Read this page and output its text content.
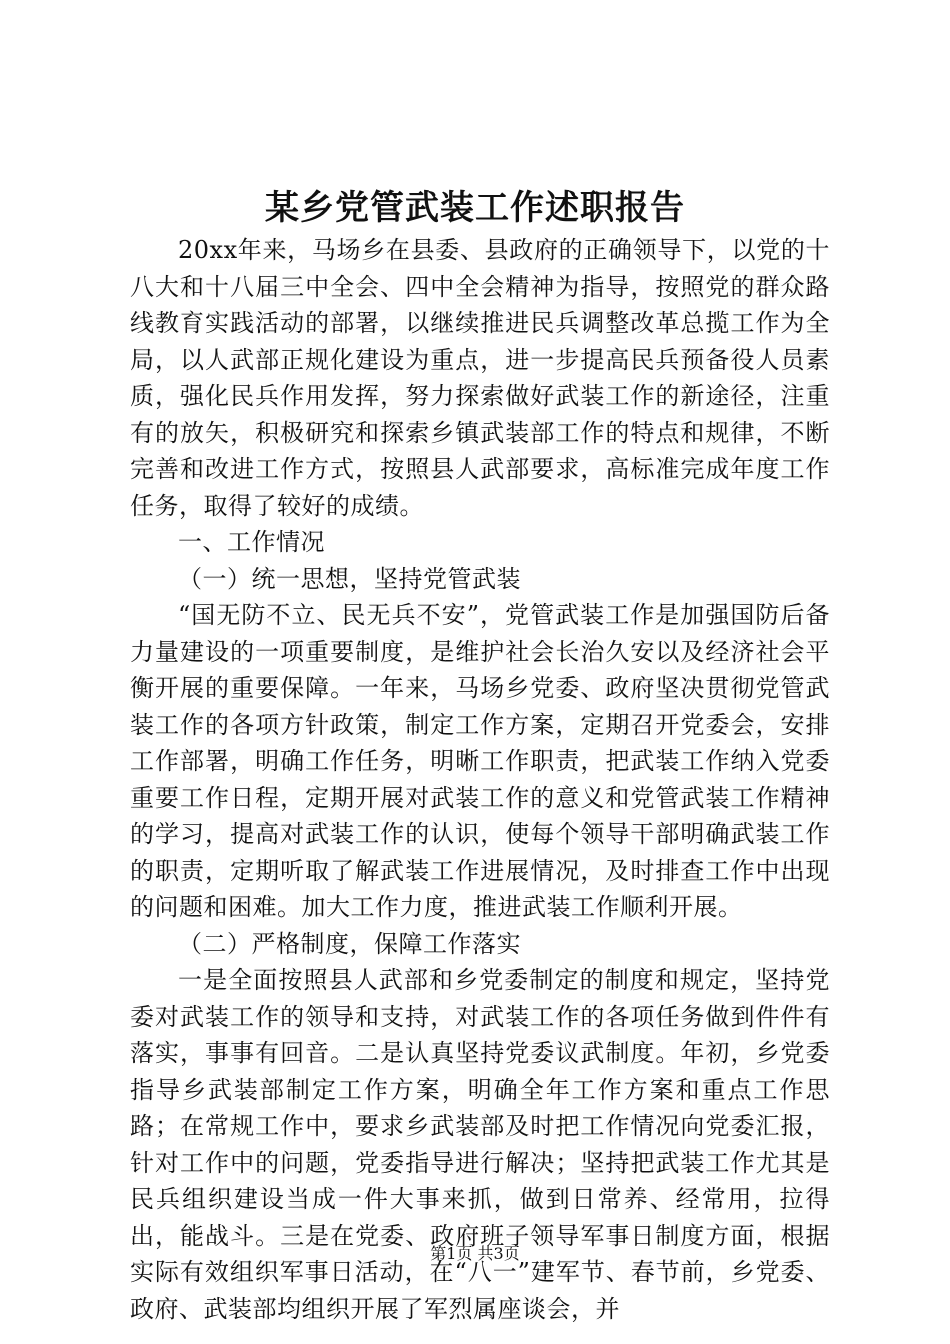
某乡党管武装工作述职报告

20xx年来，马场乡在县委、县政府的正确领导下，以党的十八大和十八届三中全会、四中全会精神为指导，按照党的群众路线教育实践活动的部署，以继续推进民兵调整改革总揽工作为全局，以人武部正规化建设为重点，进一步提高民兵预备役人员素质，强化民兵作用发挥，努力探索做好武装工作的新途径，注重有的放矢，积极研究和探索乡镇武装部工作的特点和规律，不断完善和改进工作方式，按照县人武部要求，高标准完成年度工作任务，取得了较好的成绩。

一、工作情况

（一）统一思想，坚持党管武装

“国无防不立、民无兵不安”，党管武装工作是加强国防后备力量建设的一项重要制度，是维护社会长治久安以及经济社会平衡开展的重要保障。一年来，马场乡党委、政府坚决贯彻党管武装工作的各项方针政策，制定工作方案，定期召开党委会，安排工作部署，明确工作任务，明晰工作职责，把武装工作纳入党委重要工作日程，定期开展对武装工作的意义和党管武装工作精神的学习，提高对武装工作的认识，使每个领导干部明确武装工作的职责，定期听取了解武装工作进展情况，及时排查工作中出现的问题和困难。加大工作力度，推进武装工作顺利开展。

（二）严格制度，保障工作落实

一是全面按照县人武部和乡党委制定的制度和规定，坚持党委对武装工作的领导和支持，对武装工作的各项任务做到件件有落实，事事有回音。二是认真坚持党委议武制度。年初，乡党委指导乡武装部制定工作方案，明确全年工作方案和重点工作思路；在常规工作中，要求乡武装部及时把工作情况向党委汇报，针对工作中的问题，党委指导进行解决；坚持把武装工作尤其是民兵组织建设当成一件大事来抓，做到日常养、经常用，拉得出，能战斗。三是在党委、政府班子领导军事日制度方面，根据实际有效组织军事日活动，在“八一”建军节、春节前，乡党委、政府、武装部均组织开展了军烈属座谈会，并

第1页 共3页
